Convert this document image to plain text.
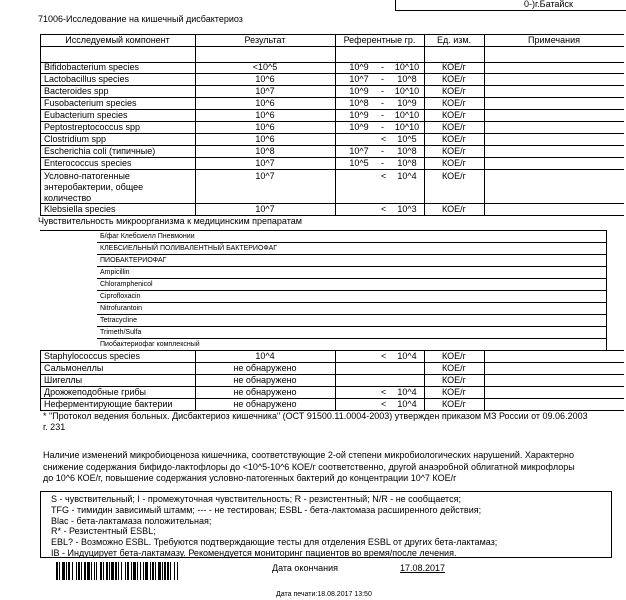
0-)г.Батайск
71006-Исследование на кишечный дисбактериоз
Исследуемый компонент	Результат	Референтные гр.	Ед. изм.	Примечания
Bifidobacterium species	<10^5	10^9	-	10^10	КОЕ/г
Lactobacillus species	10^6	10^7	-	10^8	КОЕ/г
Bacteroides spp	10^7	10^9	-	10^10	КОЕ/г
Fusobacterium species	10^6	10^8	-	10^9	КОЕ/г
Eubacterium species	10^6	10^9	-	10^10	КОЕ/г
Peptostreptococcus spp	10^6	10^9	-	10^10	КОЕ/г
Clostridium spp	10^6	<	10^5	КОЕ/г
Escherichia coli (типичные)	10^8	10^7	-	10^8	КОЕ/г
Enterococcus species	10^7	10^5	-	10^8	КОЕ/г
Условно-патогенные
энтеробактерии, общее
количество
10^7	<	10^4	КОЕ/г
Klebsiella species	10^7	<	10^3	КОЕ/г
Чувствительность микроорганизма к медицинским препаратам
Б/фаг Клебсиелл Пневмонии
КЛЕБСИЕЛЬНЫЙ ПОЛИВАЛЕНТНЫЙ БАКТЕРИОФАГ
ПИОБАКТЕРИОФАГ
Ampicillin
Chloramphenicol
Ciprofloxacin
Nitrofurantoin
Tetracycline
Trimeth/Sulfa
Пиобактериофаг комплексный
Staphylococcus species	10^4	<	10^4	КОЕ/г
Сальмонеллы	не обнаружено	КОЕ/г
Шигеллы	не обнаружено	КОЕ/г
Дрожжеподобные грибы	не обнаружено	<	10^4	КОЕ/г
Неферментирующие бактерии	не обнаружено	<	10^4	КОЕ/г
* "Протокол ведения больных. Дисбактериоз кишечника" (ОСТ 91500.11.0004-2003) утвержден приказом МЗ России от 09.06.2003
г. 231
Наличие изменений микробиоценоза кишечника, соответствующие 2-ой степени микробиологических нарушений. Характерно
снижение содержания бифидо-лактофлоры до <10^5-10^6 КОЕ/г соответственно, другой анаэробной облигатной микрофлоры
до 10^6 КОЕ/г, повышение содержания условно-патогенных бактерий до концентрации 10^7 КОЕ/г
S - чувствительный; I - промежуточная чувствительность; R - резистентный; N/R - не сообщается;
TFG - тимидин зависимый штамм; --- - не тестирован; ESBL - бета-лактомаза расширенного действия;
Blac - бета-лактамаза положительная;
R* - Резистентный ESBL;
EBL? - Возможно ESBL. Требуются подтверждающие тесты для отделения ESBL от других бета-лактамаз;
IB - Индуцирует бета-лактамазу. Рекомендуется мониторинг пациентов во время/после лечения.
Дата окончания	17.08.2017
Дата печати:18.08.2017 13:50
